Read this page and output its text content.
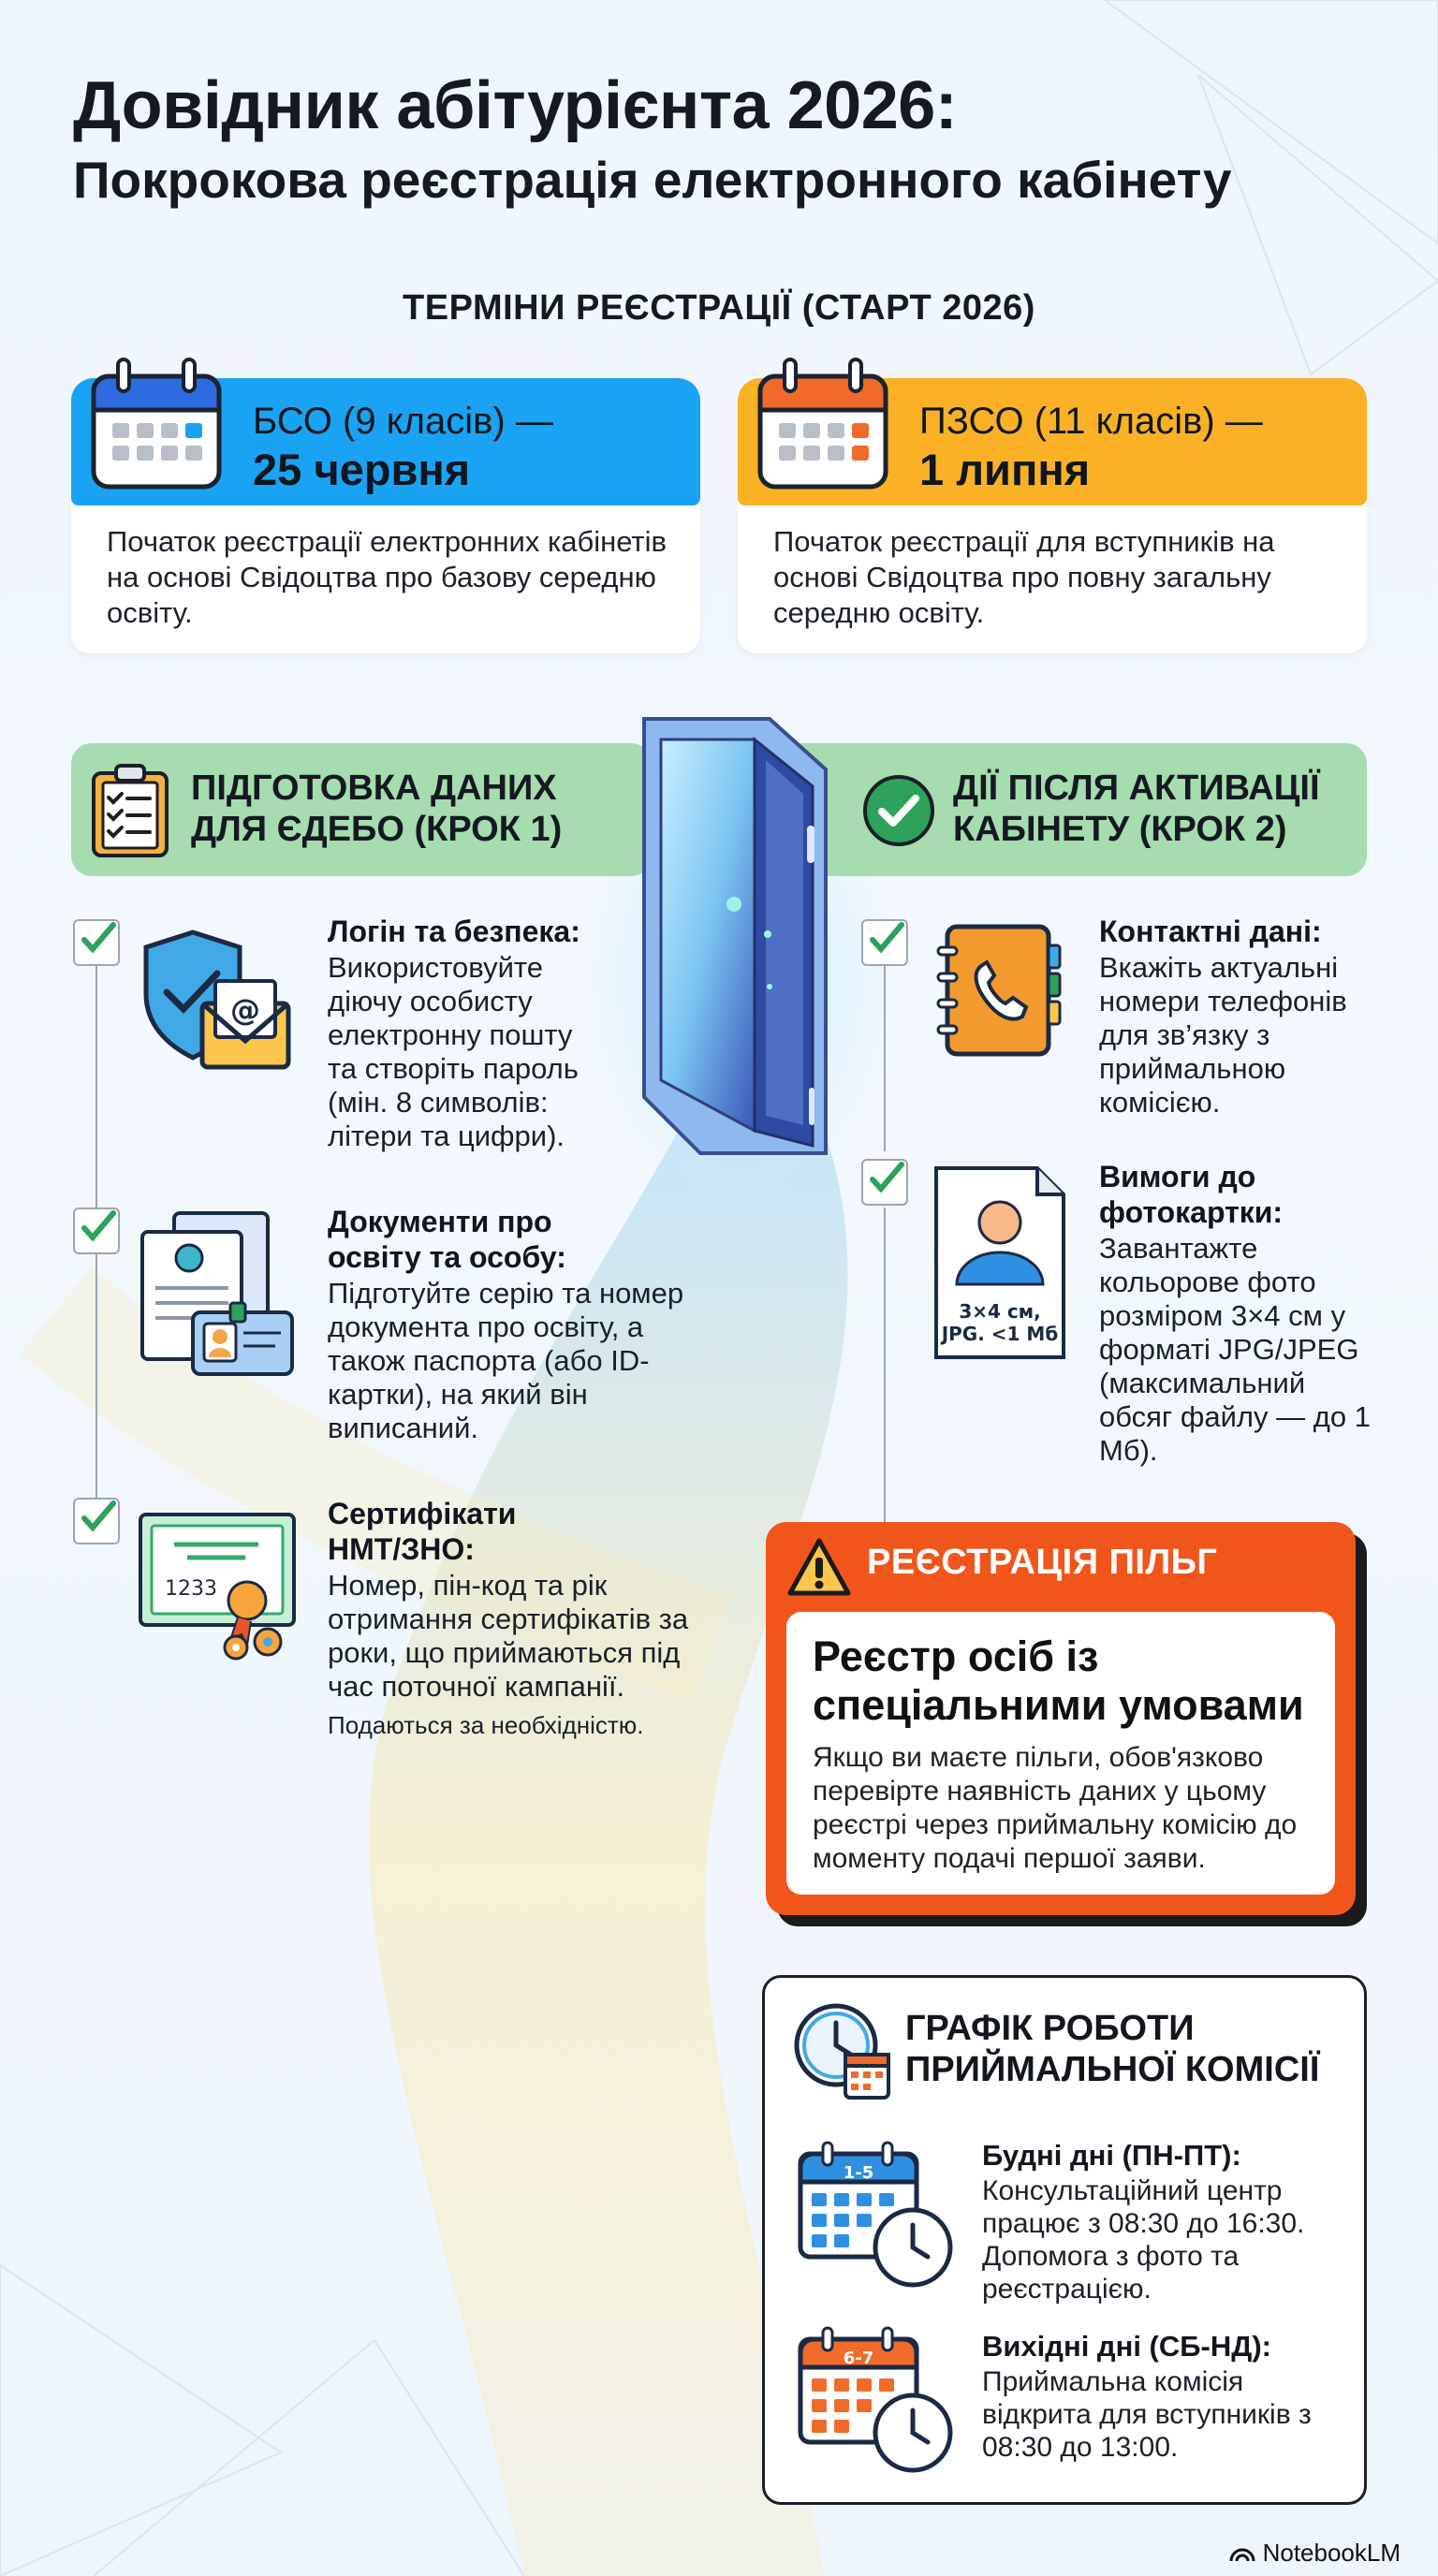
Довідник абітурієнта 2026:
Покрокова реєстрація електронного кабінету
ТЕРМІНИ РЕЄСТРАЦІЇ (СТАРТ 2026)
БСО (9 класів) —
25 червня
Початок реєстрації електронних кабінетів на основі Свідоцтва про базову середню освіту.
ПЗСО (11 класів) —
1 липня
Початок реєстрації для вступників на основі Свідоцтва про повну загальну середню освіту.
ПІДГОТОВКА ДАНИХ
ДЛЯ ЄДЕБО (КРОК 1)
ДІЇ ПІСЛЯ АКТИВАЦІЇ
КАБІНЕТУ (КРОК 2)
@
Логін та безпека:
Використовуйте діючу особисту електронну пошту та створіть пароль (мін. 8 символів: літери та цифри).
Документи про
освіту та особу:
Підготуйте серію та номер документа про освіту, а також паспорта (або ID-картки), на який він виписаний.
1233
Сертифікати
НМТ/ЗНО:
Номер, пін-код та рік отримання сертифікатів за роки, що приймаються під час поточної кампанії.
Подаються за необхідністю.
Контактні дані:
Вкажіть актуальні номери телефонів для зв’язку з приймальною комісією.
3×4 см,
JPG. <1 Мб
Вимоги до
фотокартки:
Завантажте кольорове фото розміром 3×4 см у форматі JPG/JPEG (максимальний обсяг файлу — до 1 Мб).
РЕЄСТРАЦІЯ ПІЛЬГ
Реєстр осіб із спеціальними умовами
Якщо ви маєте пільги, обов'язково перевірте наявність даних у цьому реєстрі через приймальну комісію до моменту подачі першої заяви.
ГРАФІК РОБОТИ
ПРИЙМАЛЬНОЇ КОМІСІЇ
1-5
Будні дні (ПН-ПТ):
Консультаційний центр працює з 08:30 до 16:30. Допомога з фото та реєстрацією.
6-7	Вихідні дні (СБ-НД):
Приймальна комісія відкрита для вступників з 08:30 до 13:00.
NotebookLM
